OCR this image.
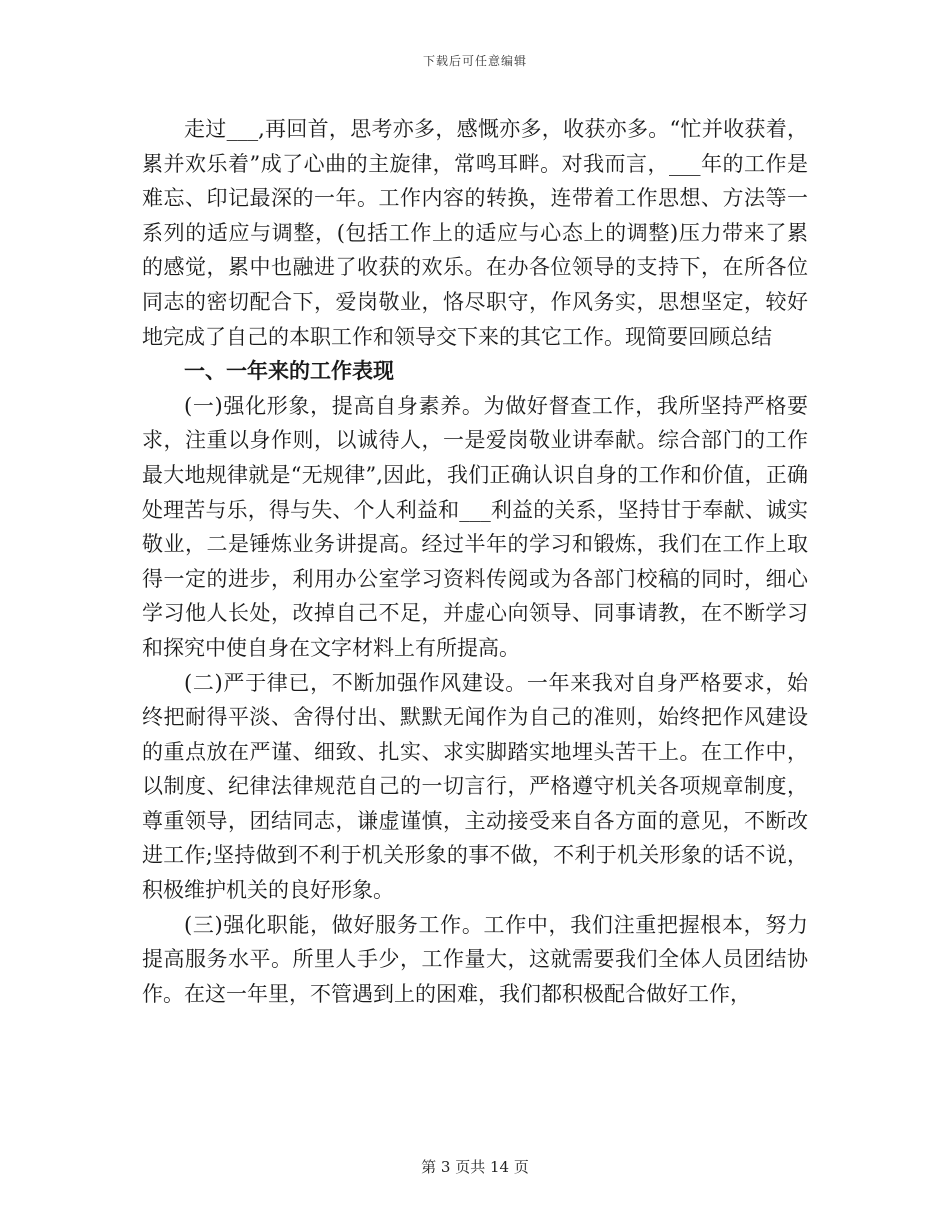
下载后可任意编辑

走过___,再回首，思考亦多，感慨亦多，收获亦多。“忙并收获着，累并欢乐着”成了心曲的主旋律，常鸣耳畔。对我而言，___年的工作是难忘、印记最深的一年。工作内容的转换，连带着工作思想、方法等一系列的适应与调整，(包括工作上的适应与心态上的调整)压力带来了累的感觉，累中也融进了收获的欢乐。在办各位领导的支持下，在所各位同志的密切配合下，爱岗敬业，恪尽职守，作风务实，思想坚定，较好地完成了自己的本职工作和领导交下来的其它工作。现简要回顾总结

一、一年来的工作表现

(一)强化形象，提高自身素养。为做好督查工作，我所坚持严格要求，注重以身作则，以诚待人，一是爱岗敬业讲奉献。综合部门的工作最大地规律就是“无规律”,因此，我们正确认识自身的工作和价值，正确处理苦与乐，得与失、个人利益和___利益的关系，坚持甘于奉献、诚实敬业，二是锤炼业务讲提高。经过半年的学习和锻炼，我们在工作上取得一定的进步，利用办公室学习资料传阅或为各部门校稿的同时，细心学习他人长处，改掉自己不足，并虚心向领导、同事请教，在不断学习和探究中使自身在文字材料上有所提高。

(二)严于律已，不断加强作风建设。一年来我对自身严格要求，始终把耐得平淡、舍得付出、默默无闻作为自己的准则，始终把作风建设的重点放在严谨、细致、扎实、求实脚踏实地埋头苦干上。在工作中，以制度、纪律法律规范自己的一切言行，严格遵守机关各项规章制度，尊重领导，团结同志，谦虚谨慎，主动接受来自各方面的意见，不断改进工作;坚持做到不利于机关形象的事不做，不利于机关形象的话不说，积极维护机关的良好形象。

(三)强化职能，做好服务工作。工作中，我们注重把握根本，努力提高服务水平。所里人手少，工作量大，这就需要我们全体人员团结协作。在这一年里，不管遇到上的困难，我们都积极配合做好工作，

第 3 页共 14 页
